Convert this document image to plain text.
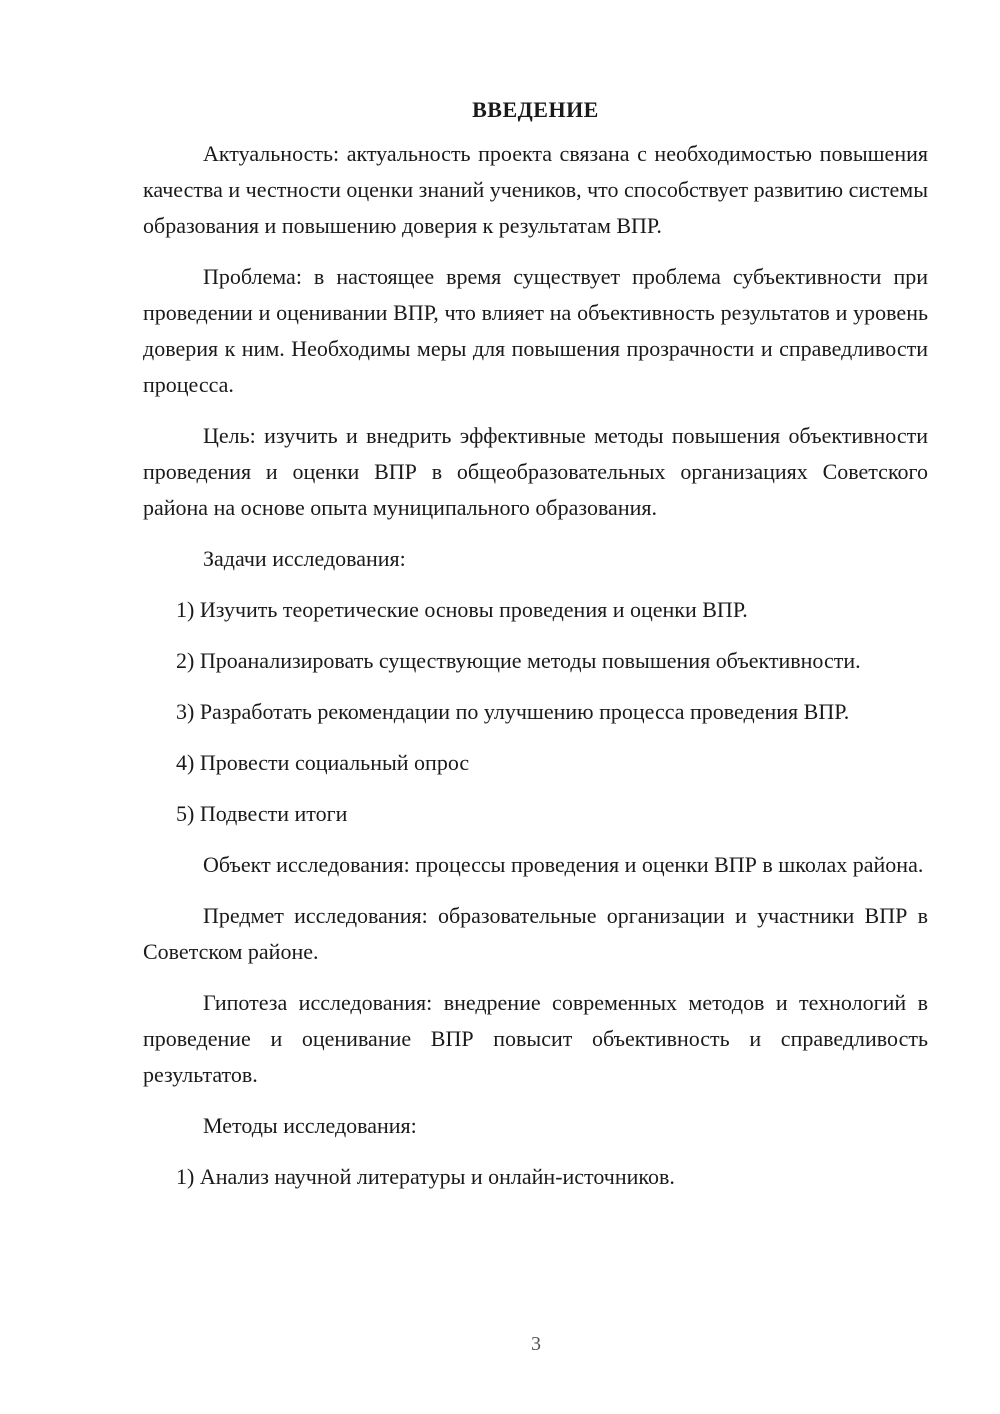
ВВЕДЕНИЕ

Актуальность: актуальность проекта связана с необходимостью повышения качества и честности оценки знаний учеников, что способствует развитию системы образования и повышению доверия к результатам ВПР.

Проблема: в настоящее время существует проблема субъективности при проведении и оценивании ВПР, что влияет на объективность результатов и уровень доверия к ним. Необходимы меры для повышения прозрачности и справедливости процесса.

Цель: изучить и внедрить эффективные методы повышения объективности проведения и оценки ВПР в общеобразовательных организациях Советского района на основе опыта муниципального образования.

Задачи исследования:

1) Изучить теоретические основы проведения и оценки ВПР.

2) Проанализировать существующие методы повышения объективности.

3) Разработать рекомендации по улучшению процесса проведения ВПР.

4) Провести социальный опрос

5) Подвести итоги

Объект исследования: процессы проведения и оценки ВПР в школах района.

Предмет исследования: образовательные организации и участники ВПР в Советском районе.

Гипотеза исследования: внедрение современных методов и технологий в проведение и оценивание ВПР повысит объективность и справедливость результатов.

Методы исследования:

1) Анализ научной литературы и онлайн-источников.

3
